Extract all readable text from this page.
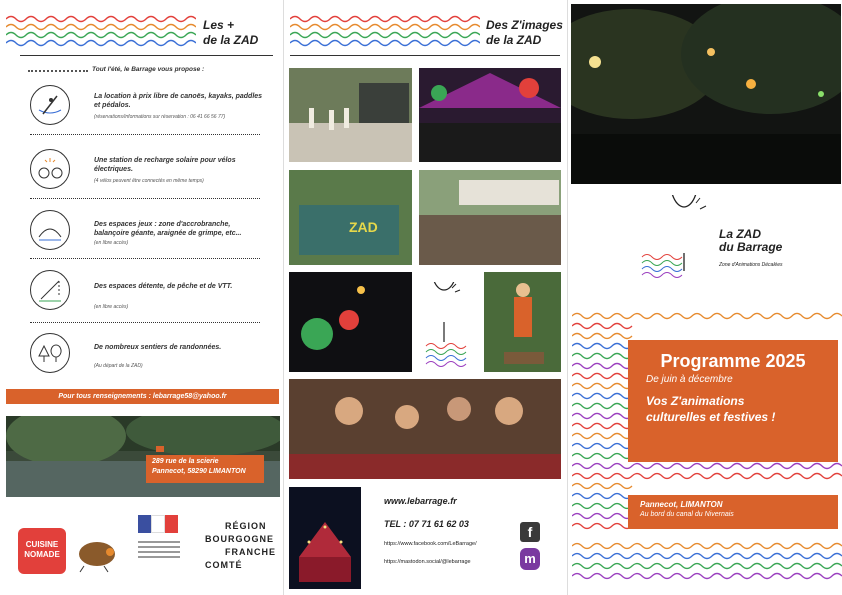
Les +
de la ZAD
Tout l'été, le Barrage vous propose :
La location à prix libre de canoës, kayaks, paddles et pédalos.
(réservations/informations sur réservation : 06 41 66 56 77)
Une station de recharge solaire pour vélos électriques.
(4 vélos peuvent être connectés en même temps)
Des espaces jeux : zone d'accrobranche, balançoire géante, araignée de grimpe, etc...
(en libre accès)
Des espaces détente, de pêche et de VTT.
(en libre accès)
De nombreux sentiers de randonnées.
(Au départ de la ZAD)
Pour tous renseignements : lebarrage58@yahoo.fr
289 rue de la scierie
Pannecot, 58290 LIMANTON
CUISINE NOMADE
RÉGION
BOURGOGNE
FRANCHE
COMTÉ
Des Z'images
de la ZAD
ZAD
www.lebarrage.fr
TEL : 07 71 61 62 03
https://www.facebook.com/LeBarrage/
https://mastodon.social/@lebarrage
f
m
La ZAD
du Barrage
Zone d'Animations Décalées
Programme 2025
De juin à décembre
Vos Z'animations
culturelles et festives !
Pannecot, LIMANTON
Au bord du canal du Nivernais
